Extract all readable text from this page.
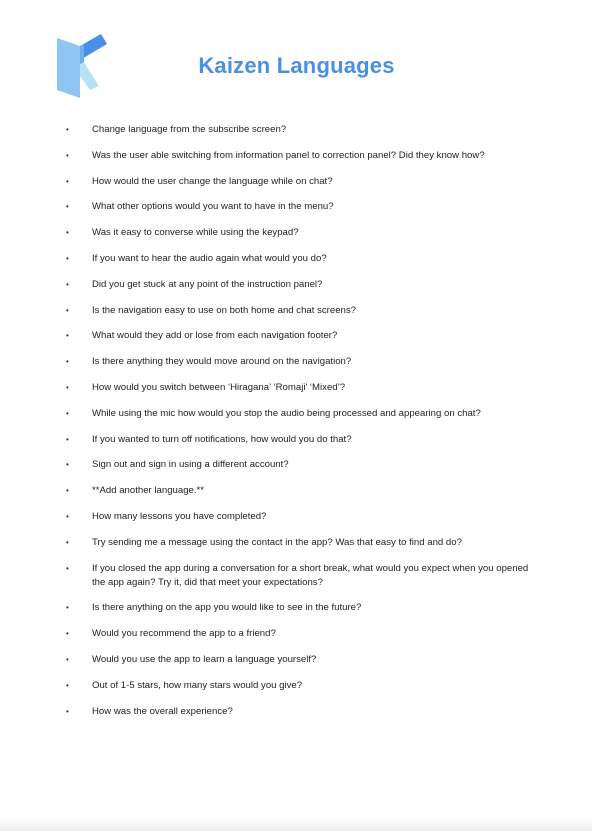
Kaizen Languages
• Change language from the subscribe screen?
• Was the user able switching from information panel to correction panel? Did they know how?
• How would the user change the language while on chat?
• What other options would you want to have in the menu?
• Was it easy to converse while using the keypad?
• If you want to hear the audio again what would you do?
• Did you get stuck at any point of the instruction panel?
• Is the navigation easy to use on both home and chat screens?
• What would they add or lose from each navigation footer?
• Is there anything they would move around on the navigation?
• How would you switch between ‘Hiragana’ ‘Romaji’ ‘Mixed’?
• While using the mic how would you stop the audio being processed and appearing on chat?
• If you wanted to turn off notifications, how would you do that?
• Sign out and sign in using a different account?
• **Add another language.**
• How many lessons you have completed?
• Try sending me a message using the contact in the app? Was that easy to find and do?
• If you closed the app during a conversation for a short break, what would you expect when you opened the app again? Try it, did that meet your expectations?
• Is there anything on the app you would like to see in the future?
• Would you recommend the app to a friend?
• Would you use the app to learn a language yourself?
• Out of 1-5 stars, how many stars would you give?
• How was the overall experience?
